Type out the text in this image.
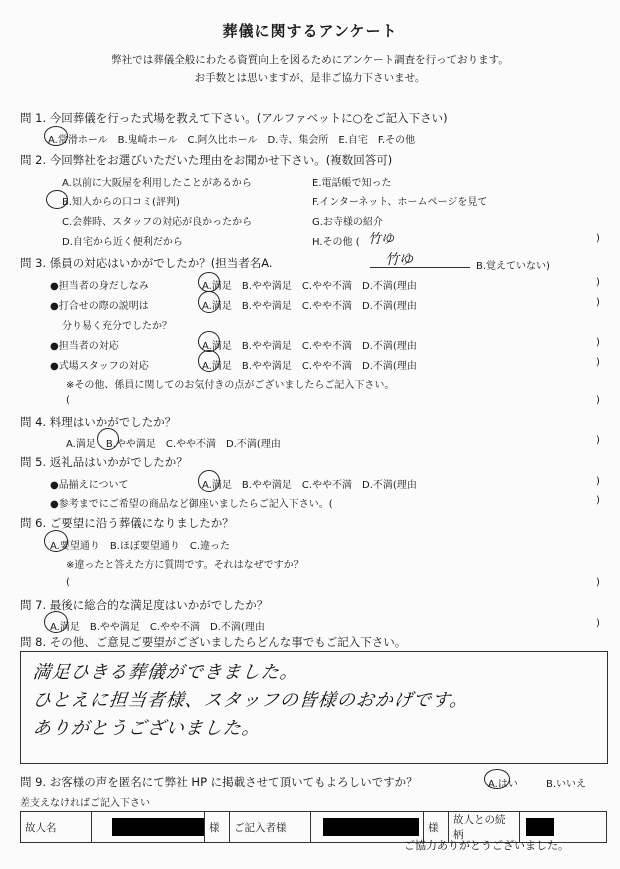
葬儀に関するアンケート
弊社では葬儀全般にわたる資質向上を図るためにアンケート調査を行っております。
お手数とは思いますが、是非ご協力下さいませ。
問 1. 今回葬儀を行った式場を教えて下さい。(アルファベットに○をご記入下さい)
A.常滑ホール　B.鬼崎ホール　C.阿久比ホール　D.寺、集会所　E.自宅　F.その他
問 2. 今回弊社をお選びいただいた理由をお聞かせ下さい。(複数回答可)
A.以前に大阪屋を利用したことがあるから	E.電話帳で知った
B.知人からの口コミ(評判)	F.インターネット、ホームページを見て
C.会葬時、スタッフの対応が良かったから	G.お寺様の紹介
D.自宅から近く便利だから	H.その他 ( 竹ゆ	)
問 3. 係員の対応はいかがでしたか？(担当者名A.	竹ゆ	B.覚えていない)
●担当者の身だしなみ	A.満足　B.やや満足　C.やや不満　D.不満(理由	)
●打合せの際の説明は	A.満足　B.やや満足　C.やや不満　D.不満(理由	)
分り易く充分でしたか？
●担当者の対応	A.満足　B.やや満足　C.やや不満　D.不満(理由	)
●式場スタッフの対応	A.満足　B.やや満足　C.やや不満　D.不満(理由	)
※その他、係員に関してのお気付きの点がございましたらご記入下さい。
(	)
問 4. 料理はいかがでしたか？
A.満足　B.やや満足　C.やや不満　D.不満(理由	)
問 5. 返礼品はいかがでしたか？
●品揃えについて	A.満足　B.やや満足　C.やや不満　D.不満(理由	)
●参考までにご希望の商品など御座いましたらご記入下さい。(	)
問 6. ご要望に沿う葬儀になりましたか？
A.要望通り　B.ほぼ要望通り　C.違った
※違ったと答えた方に質問です。それはなぜですか？
(	)
問 7. 最後に総合的な満足度はいかがでしたか？
A.満足　B.やや満足　C.やや不満　D.不満(理由	)
問 8. その他、ご意見ご要望がございましたらどんな事でもご記入下さい。
満足ひきる葬儀ができました。
ひとえに担当者様、スタッフの皆様のおかげです。
ありがとうございました。
問 9. お客様の声を匿名にて弊社 HP に掲載させて頂いてもよろしいですか？	A.はい	B.いいえ
差支えなければご記入下さい
故人名		様	ご記入者様		様	故人との続柄	
ご協力ありがとうございました。
